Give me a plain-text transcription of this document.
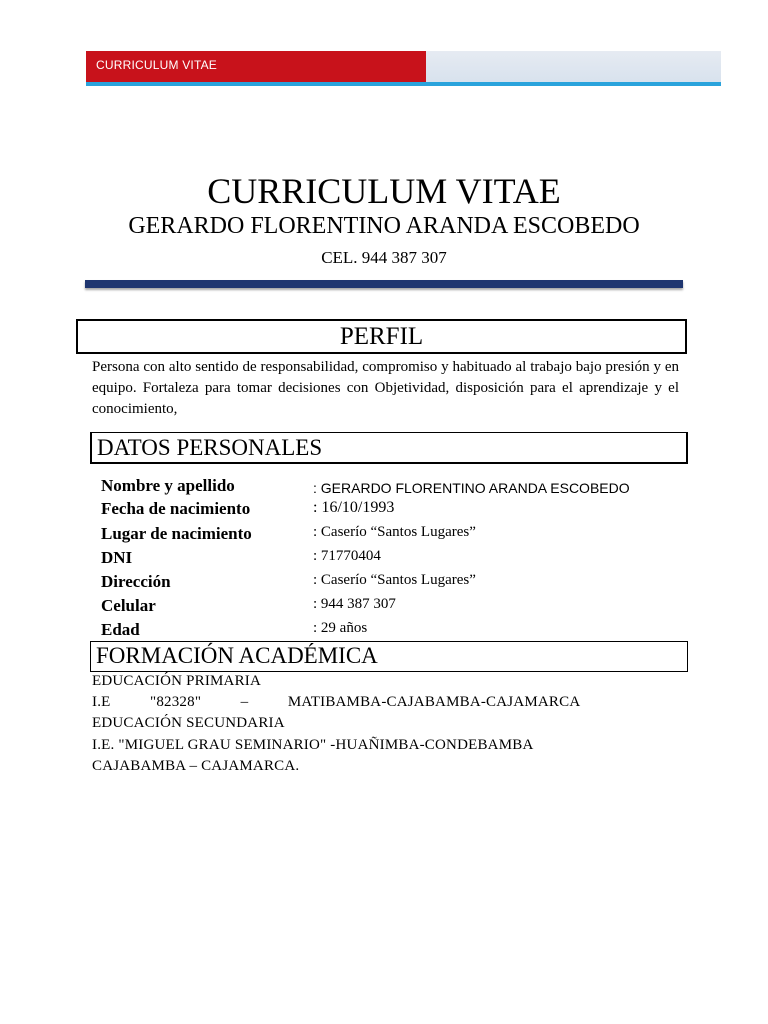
CURRICULUM VITAE
CURRICULUM VITAE
GERARDO FLORENTINO ARANDA ESCOBEDO
CEL. 944 387 307
PERFIL
Persona con alto sentido de responsabilidad, compromiso y habituado al trabajo bajo presión y en equipo. Fortaleza para tomar decisiones con Objetividad, disposición para el aprendizaje y el conocimiento,
DATOS PERSONALES
Nombre y apellido	: GERARDO FLORENTINO ARANDA ESCOBEDO
Fecha de nacimiento	: 16/10/1993
Lugar de nacimiento	: Caserío “Santos Lugares”
DNI	: 71770404
Dirección	: Caserío “Santos Lugares”
Celular	: 944 387 307
Edad	: 29 años
FORMACIÓN ACADÉMICA
EDUCACIÓN PRIMARIA
I.E          "82328"          –          MATIBAMBA-CAJABAMBA-CAJAMARCA
EDUCACIÓN SECUNDARIA
I.E. "MIGUEL GRAU SEMINARIO" -HUAÑIMBA-CONDEBAMBA
CAJABAMBA – CAJAMARCA.
